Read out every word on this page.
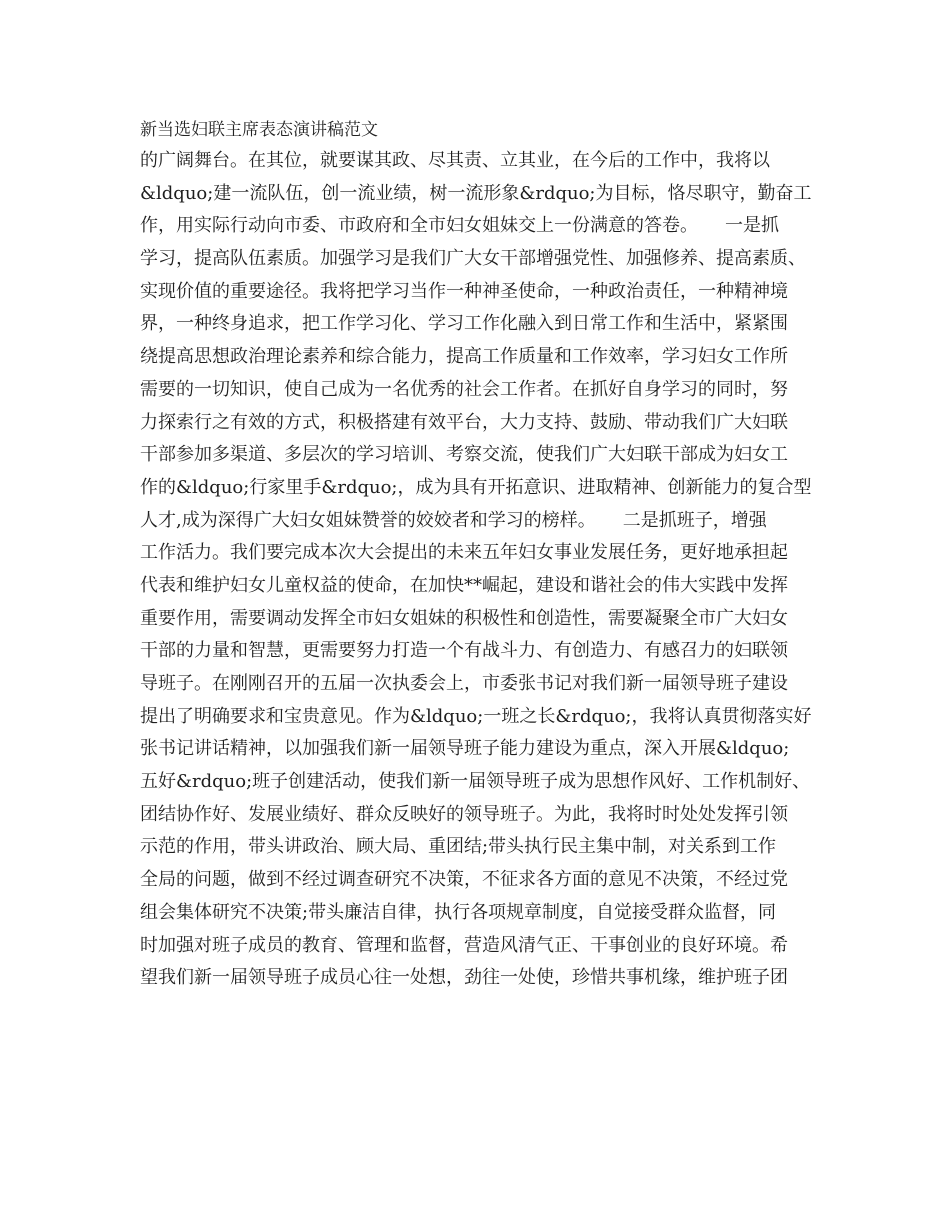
新当选妇联主席表态演讲稿范文
的广阔舞台。在其位，就要谋其政、尽其责、立其业，在今后的工作中，我将以
&ldquo;建一流队伍，创一流业绩，树一流形象&rdquo;为目标，恪尽职守，勤奋工
作，用实际行动向市委、市政府和全市妇女姐妹交上一份满意的答卷。　　一是抓
学习，提高队伍素质。加强学习是我们广大女干部增强党性、加强修养、提高素质、
实现价值的重要途径。我将把学习当作一种神圣使命，一种政治责任，一种精神境
界，一种终身追求，把工作学习化、学习工作化融入到日常工作和生活中，紧紧围
绕提高思想政治理论素养和综合能力，提高工作质量和工作效率，学习妇女工作所
需要的一切知识，使自己成为一名优秀的社会工作者。在抓好自身学习的同时，努
力探索行之有效的方式，积极搭建有效平台，大力支持、鼓励、带动我们广大妇联
干部参加多渠道、多层次的学习培训、考察交流，使我们广大妇联干部成为妇女工
作的&ldquo;行家里手&rdquo;，成为具有开拓意识、进取精神、创新能力的复合型
人才,成为深得广大妇女姐妹赞誉的姣姣者和学习的榜样。　　二是抓班子，增强
工作活力。我们要完成本次大会提出的未来五年妇女事业发展任务，更好地承担起
代表和维护妇女儿童权益的使命，在加快**崛起，建设和谐社会的伟大实践中发挥
重要作用，需要调动发挥全市妇女姐妹的积极性和创造性，需要凝聚全市广大妇女
干部的力量和智慧，更需要努力打造一个有战斗力、有创造力、有感召力的妇联领
导班子。在刚刚召开的五届一次执委会上，市委张书记对我们新一届领导班子建设
提出了明确要求和宝贵意见。作为&ldquo;一班之长&rdquo;，我将认真贯彻落实好
张书记讲话精神，以加强我们新一届领导班子能力建设为重点，深入开展&ldquo;
五好&rdquo;班子创建活动，使我们新一届领导班子成为思想作风好、工作机制好、
团结协作好、发展业绩好、群众反映好的领导班子。为此，我将时时处处发挥引领
示范的作用，带头讲政治、顾大局、重团结;带头执行民主集中制，对关系到工作
全局的问题，做到不经过调查研究不决策，不征求各方面的意见不决策，不经过党
组会集体研究不决策;带头廉洁自律，执行各项规章制度，自觉接受群众监督，同
时加强对班子成员的教育、管理和监督，营造风清气正、干事创业的良好环境。希
望我们新一届领导班子成员心往一处想，劲往一处使，珍惜共事机缘，维护班子团
